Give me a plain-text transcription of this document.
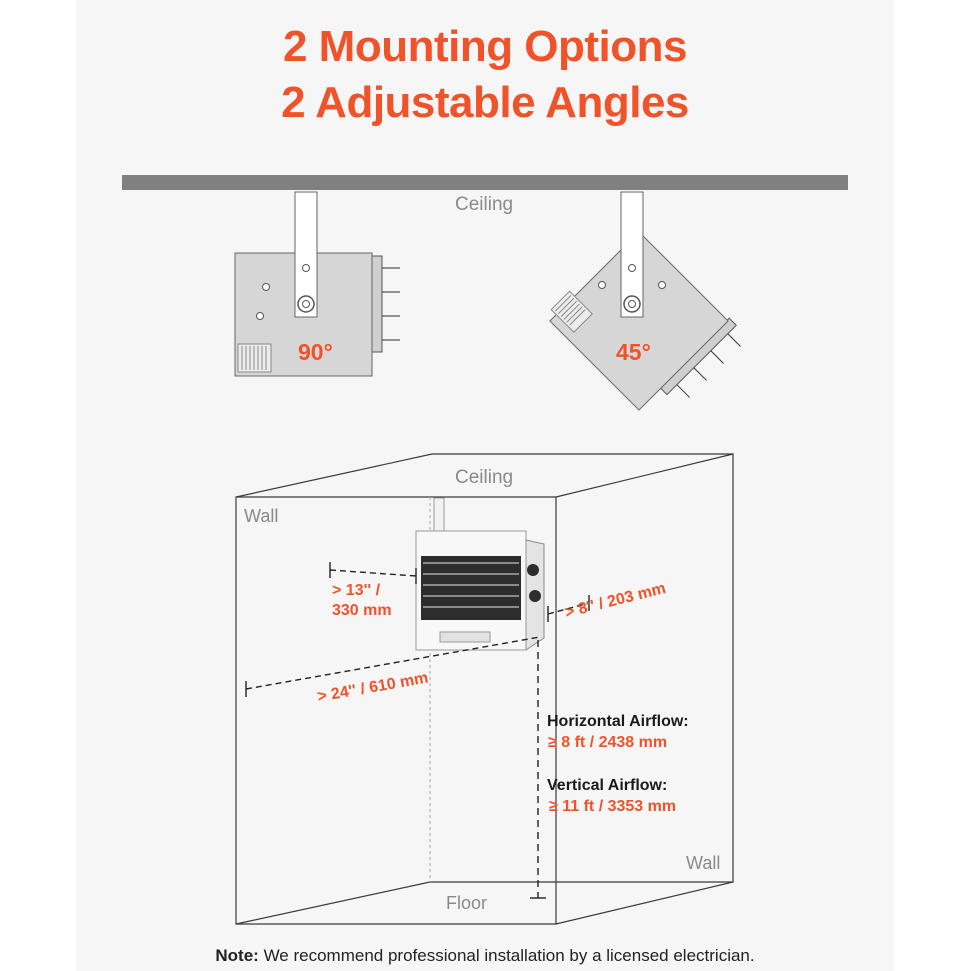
2 Mounting Options
2 Adjustable Angles
Ceiling
90°	45°
Ceiling
Wall
Wall
Floor
> 13'' /
330 mm	> 8'' / 203 mm
> 24'' / 610 mm
Horizontal Airflow:
≥ 8 ft / 2438 mm
Vertical Airflow:
≥ 11 ft / 3353 mm
Note: We recommend professional installation by a licensed electrician.
